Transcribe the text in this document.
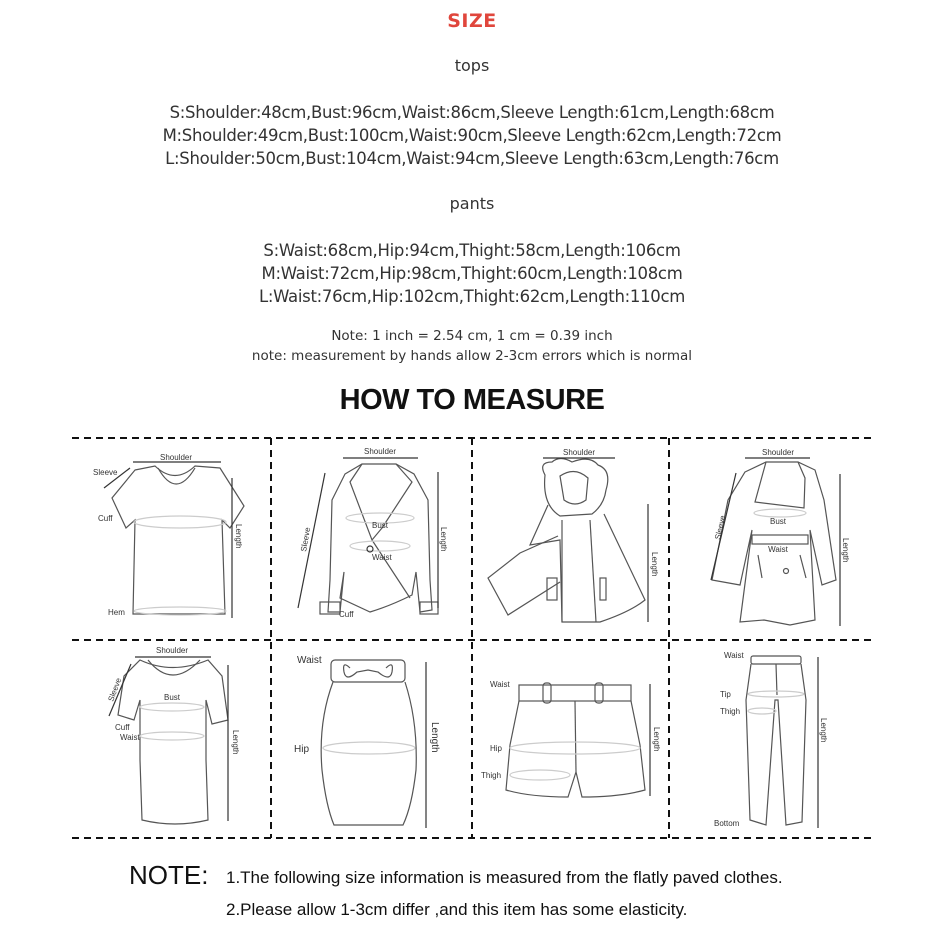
SIZE
tops
S:Shoulder:48cm,Bust:96cm,Waist:86cm,Sleeve Length:61cm,Length:68cm
M:Shoulder:49cm,Bust:100cm,Waist:90cm,Sleeve Length:62cm,Length:72cm
L:Shoulder:50cm,Bust:104cm,Waist:94cm,Sleeve Length:63cm,Length:76cm
pants
S:Waist:68cm,Hip:94cm,Thight:58cm,Length:106cm
M:Waist:72cm,Hip:98cm,Thight:60cm,Length:108cm
L:Waist:76cm,Hip:102cm,Thight:62cm,Length:110cm
Note: 1 inch = 2.54 cm, 1 cm = 0.39 inch
note: measurement by hands allow 2-3cm errors which is normal
HOW TO MEASURE
Shoulder
Sleeve
Cuff
Hem
Length
Shoulder
Bust
Waist
Cuff
Sleeve	Length
Shoulder
Length
Shoulder
Bust
Waist
Sleeve
Length
Shoulder
Bust
Cuff
Waist
Sleeve
Length
Waist
Hip	Length
Waist
Hip
Thigh
Length
Waist
Tip
Thigh
Bottom
Length
NOTE: 1.The following size information is measured from the flatly paved clothes.
2.Please allow 1-3cm differ ,and this item has some elasticity.
